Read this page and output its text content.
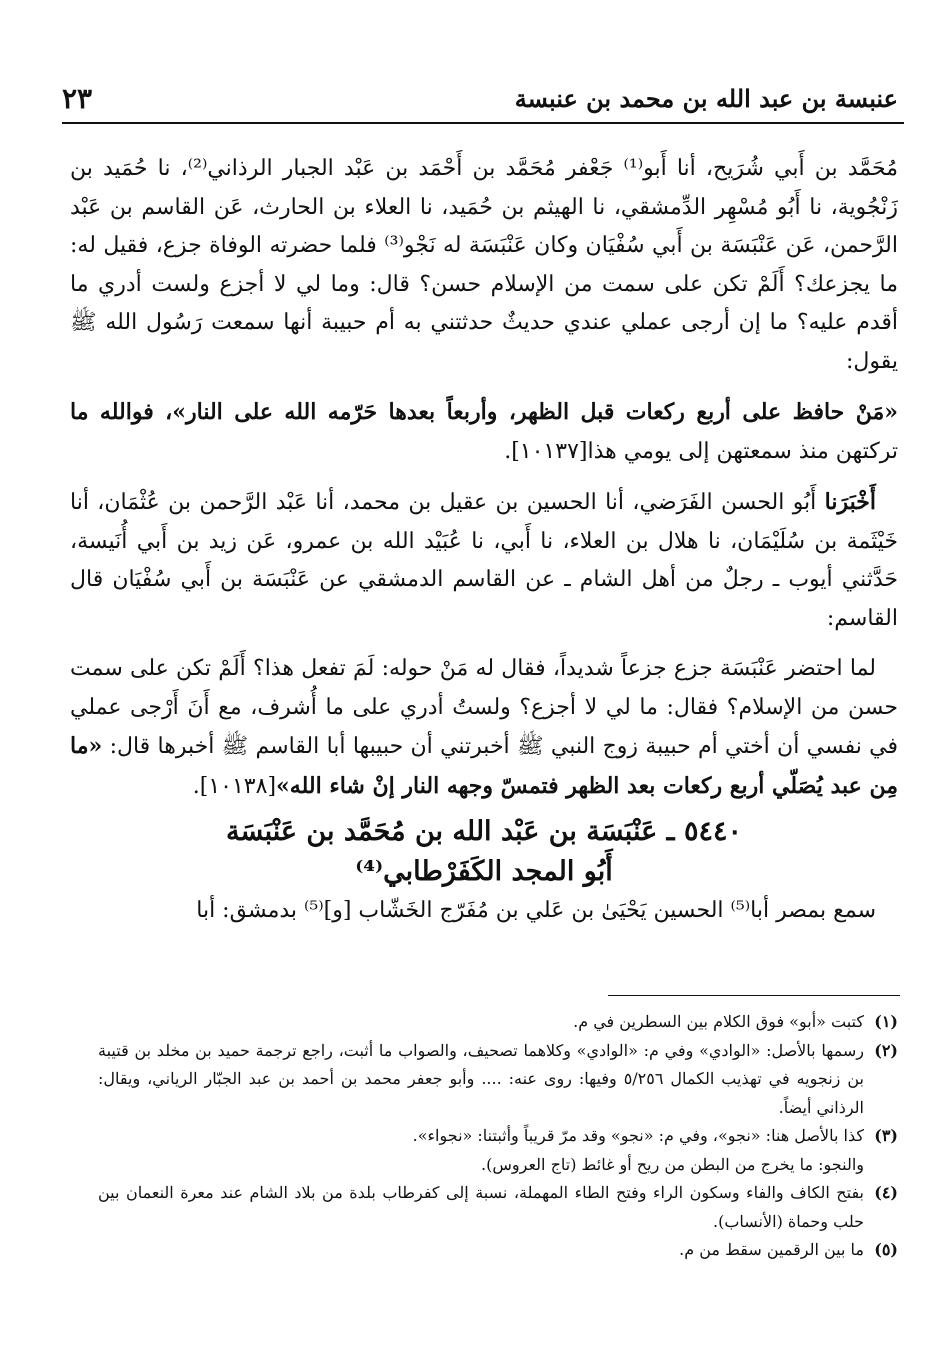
عنبسة بن عبد الله بن محمد بن عنبسة
٢٣

مُحَمَّد بن أَبي شُرَيح، أنا أَبو⁽¹⁾ جَعْفر مُحَمَّد بن أَحْمَد بن عَبْد الجبار الرذاني⁽²⁾، نا حُمَيد بن زَنْجُوية، نا أَبُو مُسْهِر الدِّمشقي، نا الهيثم بن حُمَيد، نا العلاء بن الحارث، عَن القاسم بن عَبْد الرَّحمن، عَن عَنْبَسَة بن أَبي سُفْيَان وكان عَنْبَسَة له نَجْو⁽³⁾ فلما حضرته الوفاة جزع، فقيل له: ما يجزعك؟ أَلَمْ تكن على سمت من الإسلام حسن؟ قال: وما لي لا أجزع ولست أدري ما أقدم عليه؟ ما إن أرجى عملي عندي حديثٌ حدثتني به أم حبيبة أنها سمعت رَسُول الله ﷺ يقول:

«مَنْ حافظ على أربع ركعات قبل الظهر، وأربعاً بعدها حَرّمه الله على النار»، فوالله ما تركتهن منذ سمعتهن إلى يومي هذا[١٠١٣٧].

أَخْبَرَنا أَبُو الحسن الفَرَضي، أنا الحسين بن عقيل بن محمد، أنا عَبْد الرَّحمن بن عُثْمَان، أنا خَيْثَمة بن سُلَيْمَان، نا هلال بن العلاء، نا أَبي، نا عُبَيْد الله بن عمرو، عَن زيد بن أَبي أُنَيسة، حَدَّثني أيوب ـ رجلٌ من أهل الشام ـ عن القاسم الدمشقي عن عَنْبَسَة بن أَبي سُفْيَان قال القاسم:

لما احتضر عَنْبَسَة جزع جزعاً شديداً، فقال له مَنْ حوله: لَمَ تفعل هذا؟ أَلَمْ تكن على سمت حسن من الإسلام؟ فقال: ما لي لا أجزع؟ ولستُ أدري على ما أُشرف، مع أَنَ أَرْجى عملي في نفسي أن أختي أم حبيبة زوج النبي ﷺ أخبرتني أن حبيبها أبا القاسم ﷺ أخبرها قال: «ما مِن عبد يُصَلّي أربع ركعات بعد الظهر فتمسّ وجهه النار إنْ شاء الله»[١٠١٣٨].

٥٤٤٠ ـ عَنْبَسَة بن عَبْد الله بن مُحَمَّد بن عَنْبَسَة
أَبُو المجد الكَفَرْطابي⁽⁴⁾

سمع بمصر أبا⁽⁵⁾ الحسين يَحْيَىٰ بن عَلي بن مُفَرّج الخَشّاب [و]⁽⁵⁾ بدمشق: أبا

(١)
كتبت «أبو» فوق الكلام بين السطرين في م.
(٢)
رسمها بالأصل: «الوادي» وفي م: «الوادي» وكلاهما تصحيف، والصواب ما أثبت، راجع ترجمة حميد بن مخلد بن قتيبة بن زنجويه في تهذيب الكمال ٥/٢٥٦ وفيها: روى عنه: .... وأبو جعفر محمد بن أحمد بن عبد الجبّار الرياني، ويقال: الرذاني أيضاً.
(٣)
كذا بالأصل هنا: «نجو»، وفي م: «نجو» وقد مرّ قريباً وأثبتنا: «نجواء».
والنجو: ما يخرج من البطن من ريح أو غائط (تاج العروس).
(٤)
بفتح الكاف والفاء وسكون الراء وفتح الطاء المهملة، نسبة إلى كفرطاب بلدة من بلاد الشام عند معرة النعمان بين حلب وحماة (الأنساب).
(٥)
ما بين الرقمين سقط من م.
